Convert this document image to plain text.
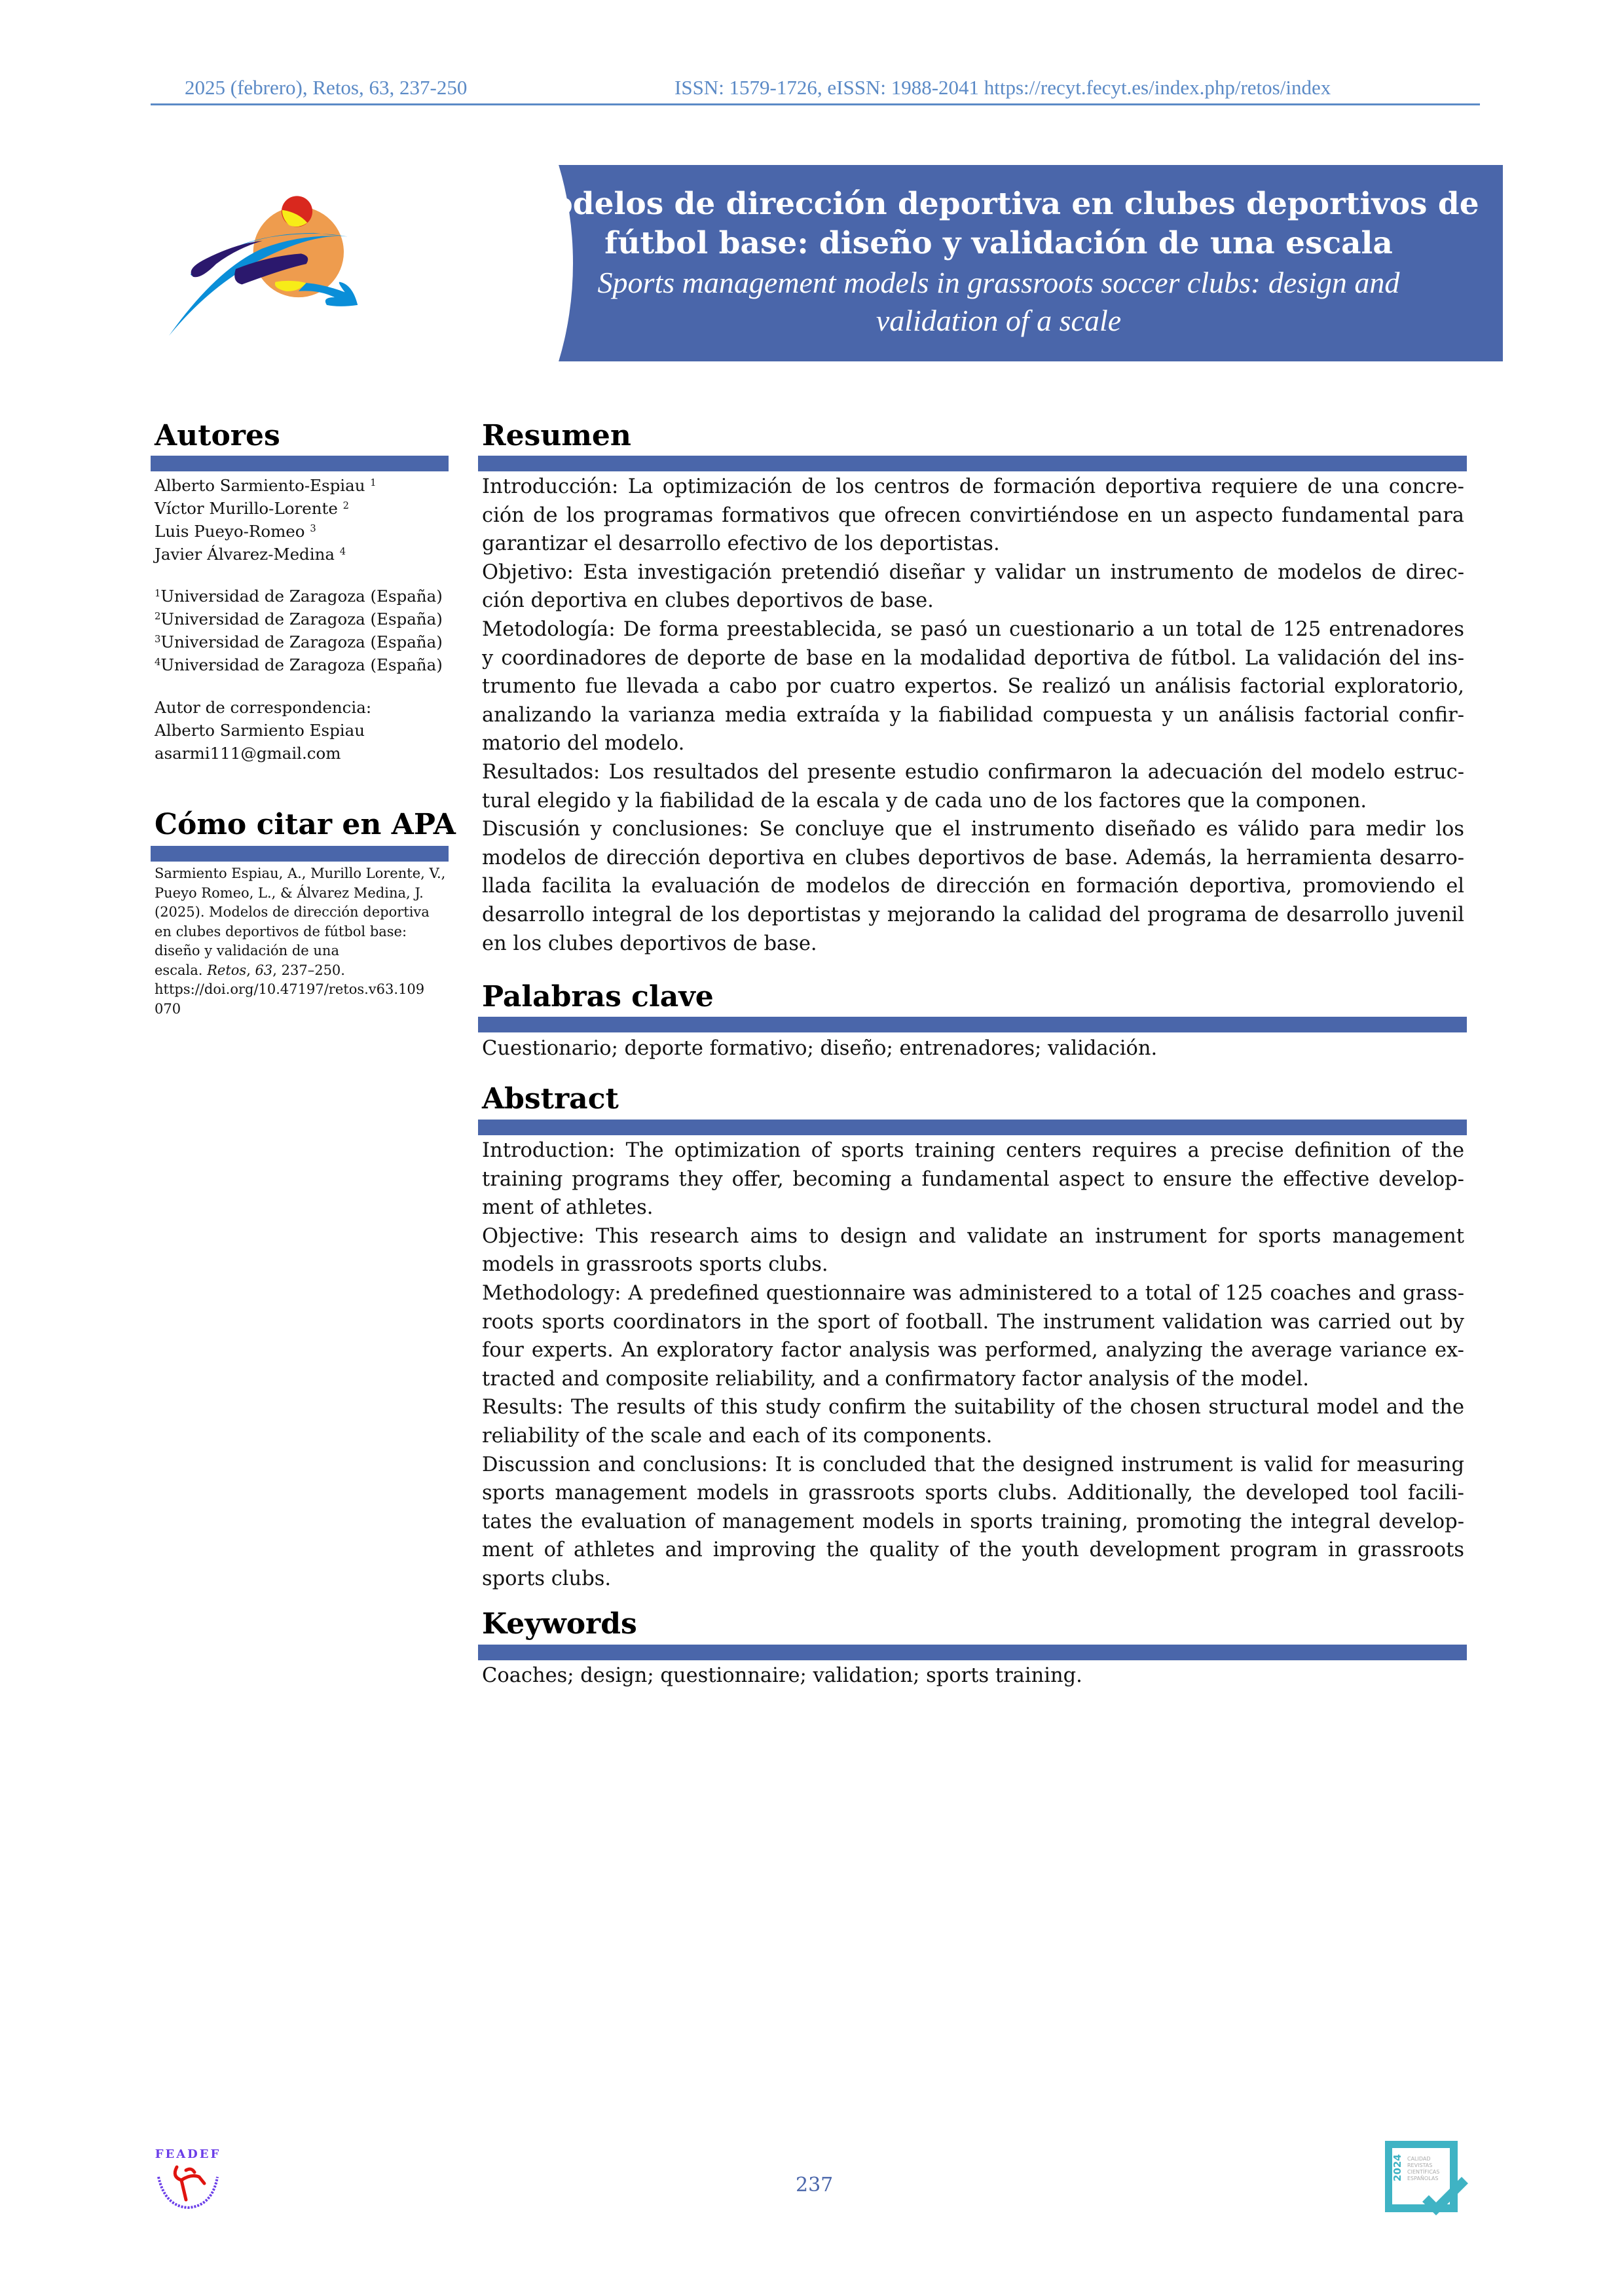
2025 (febrero), Retos, 63, 237-250	ISSN: 1579-1726, eISSN: 1988-2041 https://recyt.fecyt.es/index.php/retos/index
Modelos de dirección deportiva en clubes deportivos de
fútbol base: diseño y validación de una escala
Sports management models in grassroots soccer clubs: design and
validation of a scale
Autores
Alberto Sarmiento-Espiau $^1$
Víctor Murillo-Lorente $^2$
Luis Pueyo-Romeo $^3$
Javier Álvarez-Medina $^4$
$^1$Universidad de Zaragoza (España)
$^2$Universidad de Zaragoza (España)
$^3$Universidad de Zaragoza (España)
$^4$Universidad de Zaragoza (España)
Autor de correspondencia:
Alberto Sarmiento Espiau
asarmi111@gmail.com
Cómo citar en APA
Sarmiento Espiau, A., Murillo Lorente, V.,
Pueyo Romeo, L., & Álvarez Medina, J.
(2025). Modelos de dirección deportiva
en clubes deportivos de fútbol base:
diseño y validación de una
escala. Retos, 63, 237–250.
https://doi.org/10.47197/retos.v63.109
070
Resumen
Introducción: La optimización de los centros de formación deportiva requiere de una concre-
ción de los programas formativos que ofrecen convirtiéndose en un aspecto fundamental para
garantizar el desarrollo efectivo de los deportistas.
Objetivo: Esta investigación pretendió diseñar y validar un instrumento de modelos de direc-
ción deportiva en clubes deportivos de base.
Metodología: De forma preestablecida, se pasó un cuestionario a un total de 125 entrenadores
y coordinadores de deporte de base en la modalidad deportiva de fútbol. La validación del ins-
trumento fue llevada a cabo por cuatro expertos. Se realizó un análisis factorial exploratorio,
analizando la varianza media extraída y la fiabilidad compuesta y un análisis factorial confir-
matorio del modelo.
Resultados: Los resultados del presente estudio confirmaron la adecuación del modelo estruc-
tural elegido y la fiabilidad de la escala y de cada uno de los factores que la componen.
Discusión y conclusiones: Se concluye que el instrumento diseñado es válido para medir los
modelos de dirección deportiva en clubes deportivos de base. Además, la herramienta desarro-
llada facilita la evaluación de modelos de dirección en formación deportiva, promoviendo el
desarrollo integral de los deportistas y mejorando la calidad del programa de desarrollo juvenil
en los clubes deportivos de base.
Palabras clave
Cuestionario; deporte formativo; diseño; entrenadores; validación.
Abstract
Introduction: The optimization of sports training centers requires a precise definition of the
training programs they offer, becoming a fundamental aspect to ensure the effective develop-
ment of athletes.
Objective: This research aims to design and validate an instrument for sports management
models in grassroots sports clubs.
Methodology: A predefined questionnaire was administered to a total of 125 coaches and grass-
roots sports coordinators in the sport of football. The instrument validation was carried out by
four experts. An exploratory factor analysis was performed, analyzing the average variance ex-
tracted and composite reliability, and a confirmatory factor analysis of the model.
Results: The results of this study confirm the suitability of the chosen structural model and the
reliability of the scale and each of its components.
Discussion and conclusions: It is concluded that the designed instrument is valid for measuring
sports management models in grassroots sports clubs. Additionally, the developed tool facili-
tates the evaluation of management models in sports training, promoting the integral develop-
ment of athletes and improving the quality of the youth development program in grassroots
sports clubs.
Keywords
Coaches; design; questionnaire; validation; sports training.
FEADEF
237
2024 CALIDAD
REVISTAS
CIENTÍFICAS
ESPAÑOLAS
